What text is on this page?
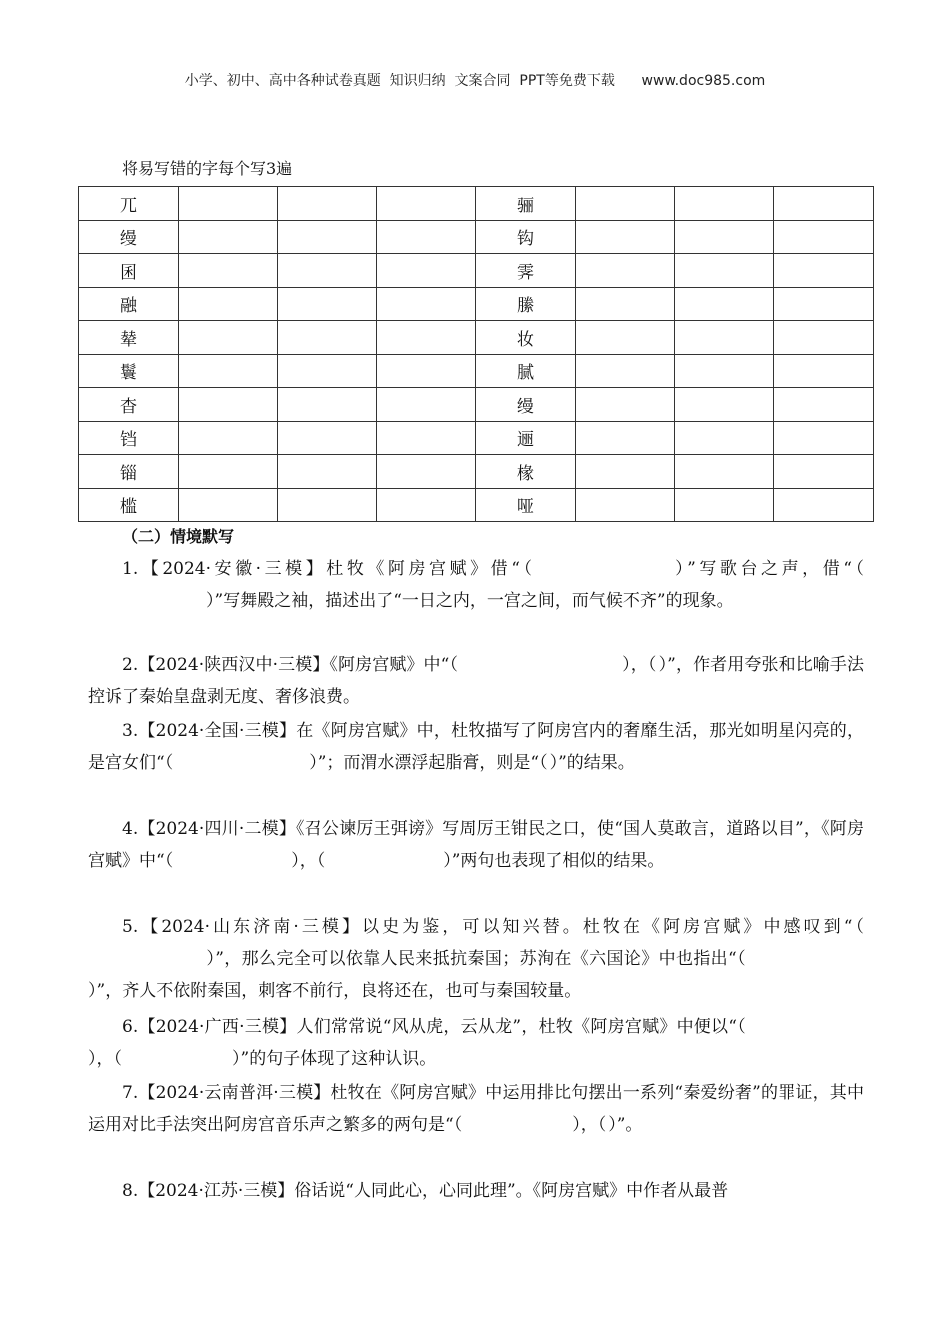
小学、初中、高中各种试卷真题  知识归纳  文案合同  PPT等免费下载      www.doc985.com
将易写错的字每个写3遍
兀				骊			
缦				钩			
囷				霁			
融				縢			
辇				妆			
鬟				腻			
杳				缦			
铛				逦			
锱				椽			
槛				哑			
（二）情境默写
1.【2024·安徽·三模】杜牧《阿房宫赋》借“（	）”写歌台之声，借“（）”写舞殿之袖，描述出了“一日之内，一宫之间，而气候不齐”的现象。
2.【2024·陕西汉中·三模】《阿房宫赋》中“（	），（ ）”，作者用夸张和比喻手法控诉了秦始皇盘剥无度、奢侈浪费。
3.【2024·全国·三模】在《阿房宫赋》中，杜牧描写了阿房宫内的奢靡生活，那光如明星闪亮的，是宫女们“（	）”；而渭水漂浮起脂膏，则是“（ ）”的结果。
4.【2024·四川·二模】《召公谏厉王弭谤》写周厉王钳民之口，使“国人莫敢言，道路以目”，《阿房宫赋》中“（	），（	）”两句也表现了相似的结果。
5.【2024·山东济南·三模】以史为鉴，可以知兴替。杜牧在《阿房宫赋》中感叹到“（）”，那么完全可以依靠人民来抵抗秦国；苏洵在《六国论》中也指出“（）”，齐人不依附秦国，刺客不前行，良将还在，也可与秦国较量。
6.【2024·广西·三模】人们常常说“风从虎，云从龙”，杜牧《阿房宫赋》中便以“（），（	）”的句子体现了这种认识。
7.【2024·云南普洱·三模】杜牧在《阿房宫赋》中运用排比句摆出一系列“秦爱纷奢”的罪证，其中运用对比手法突出阿房宫音乐声之繁多的两句是“（	），（ ）”。
8.【2024·江苏·三模】俗话说“人同此心，心同此理”。《阿房宫赋》中作者从最普
